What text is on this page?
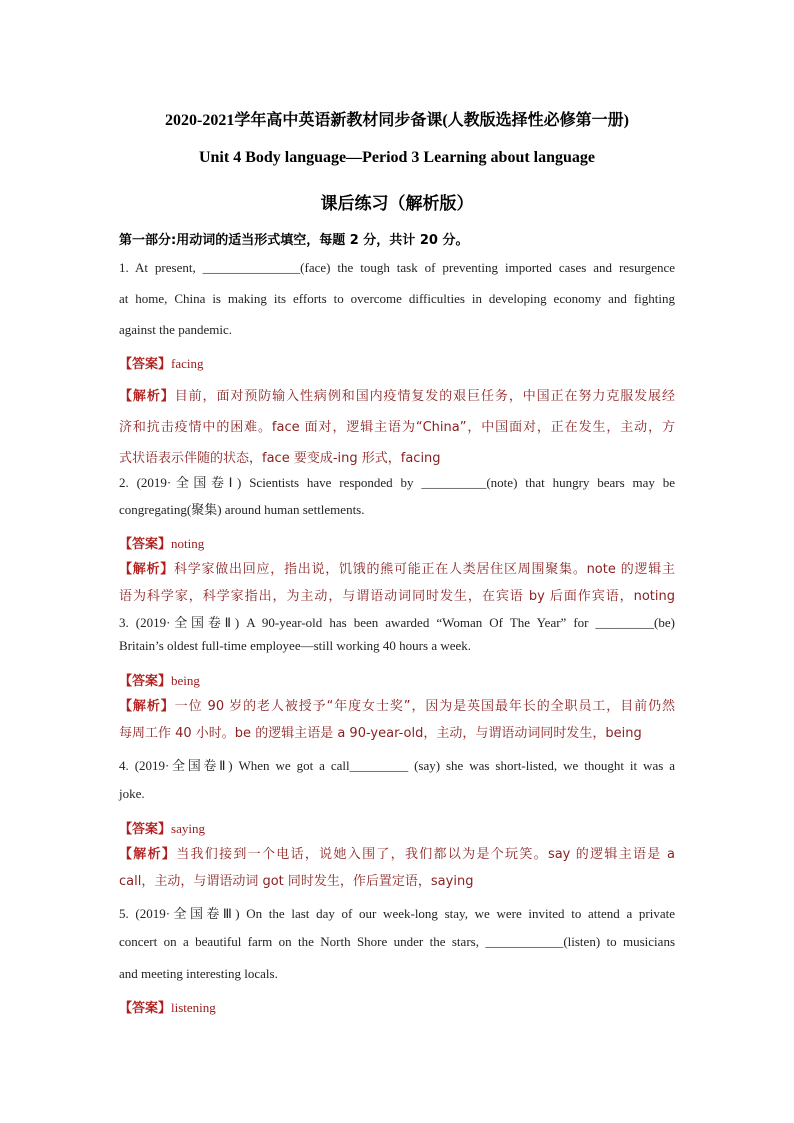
2020-2021学年高中英语新教材同步备课(人教版选择性必修第一册)
Unit 4 Body language—Period 3 Learning about language
课后练习（解析版）
第一部分:用动词的适当形式填空，每题 2 分，共计 20 分。
1. At present, _______________(face) the tough task of preventing imported cases and resurgence
at home, China is making its efforts to overcome difficulties in developing economy and fighting
against the pandemic.
【答案】facing
【解析】目前，面对预防输入性病例和国内疫情复发的艰巨任务，中国正在努力克服发展经
济和抗击疫情中的困难。face 面对，逻辑主语为“China”，中国面对，正在发生，主动，方
式状语表示伴随的状态，face 要变成-ing 形式，facing
2. (2019·全国卷Ⅰ) Scientists have responded by __________(note) that hungry bears may be
congregating(聚集) around human settlements.
【答案】noting
【解析】科学家做出回应，指出说，饥饿的熊可能正在人类居住区周围聚集。note 的逻辑主
语为科学家，科学家指出，为主动，与谓语动词同时发生，在宾语 by 后面作宾语，noting
3. (2019·全国卷Ⅱ) A 90-year-old has been awarded “Woman Of The Year” for _________(be)
Britain’s oldest full-time employee—still working 40 hours a week.
【答案】being
【解析】一位 90 岁的老人被授予“年度女士奖”，因为是英国最年长的全职员工，目前仍然
每周工作 40 小时。be 的逻辑主语是 a 90-year-old，主动，与谓语动词同时发生，being
4. (2019·全国卷Ⅱ) When we got a call_________ (say) she was short-listed, we thought it was a
joke.
【答案】saying
【解析】当我们接到一个电话，说她入围了，我们都以为是个玩笑。say 的逻辑主语是 a
call，主动，与谓语动词 got 同时发生，作后置定语，saying
5. (2019·全国卷Ⅲ) On the last day of our week-long stay, we were invited to attend a private
concert on a beautiful farm on the North Shore under the stars, ____________(listen) to musicians
and meeting interesting locals.
【答案】listening
